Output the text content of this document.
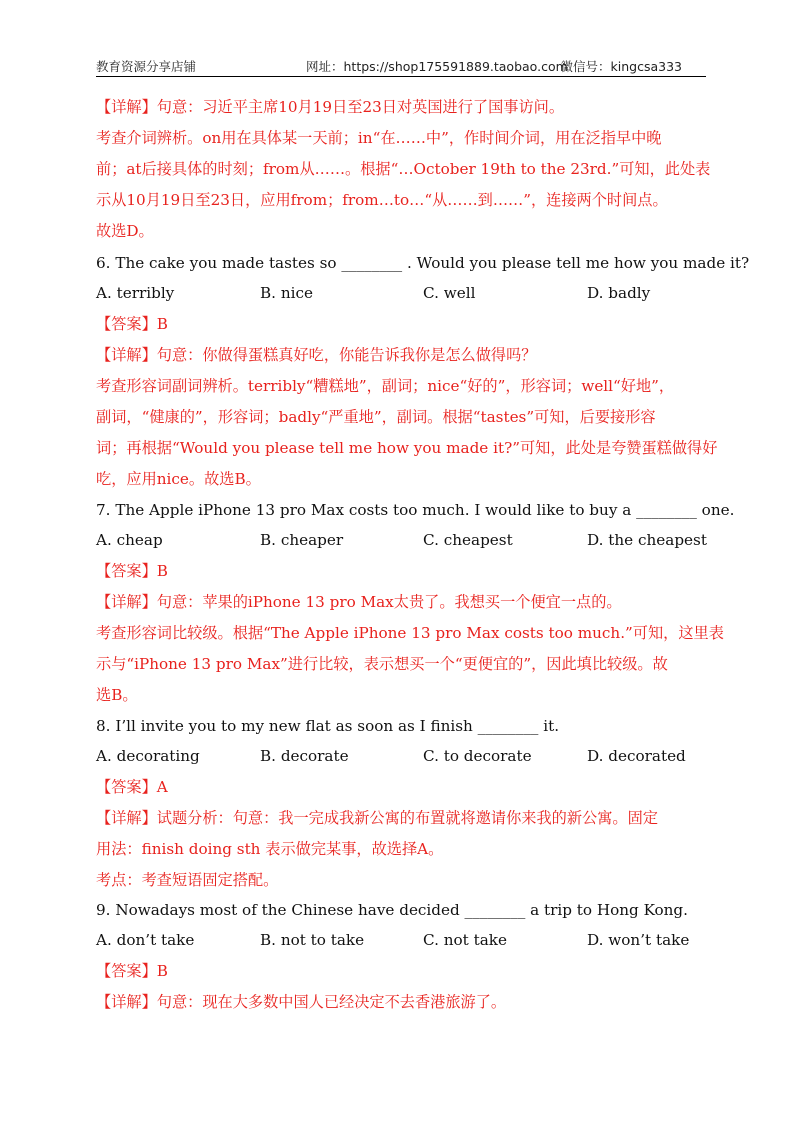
教育资源分享店铺	网址：https://shop175591889.taobao.com
微信号：kingcsa333
【详解】句意：习近平主席10月19日至23日对英国进行了国事访问。
考查介词辨析。on用在具体某一天前；in“在……中”，作时间介词，用在泛指早中晚
前；at后接具体的时刻；from从……。根据“…October 19th to the 23rd.”可知，此处表
示从10月19日至23日，应用from；from…to…“从……到……”，连接两个时间点。
故选D。
6. The cake you made tastes so ________ . Would you please tell me how you made it?
A. terribly	B. nice	C. well	D. badly
【答案】B
【详解】句意：你做得蛋糕真好吃，你能告诉我你是怎么做得吗？
考查形容词副词辨析。terribly“糟糕地”，副词；nice“好的”，形容词；well“好地”，
副词，“健康的”，形容词；badly“严重地”，副词。根据“tastes”可知，后要接形容
词；再根据“Would you please tell me how you made it?”可知，此处是夸赞蛋糕做得好
吃，应用nice。故选B。
7. The Apple iPhone 13 pro Max costs too much. I would like to buy a ________ one.
A. cheap	B. cheaper	C. cheapest	D. the cheapest
【答案】B
【详解】句意：苹果的iPhone 13 pro Max太贵了。我想买一个便宜一点的。
考查形容词比较级。根据“The Apple iPhone 13 pro Max costs too much.”可知，这里表
示与“iPhone 13 pro Max”进行比较，表示想买一个“更便宜的”，因此填比较级。故
选B。
8. I’ll invite you to my new flat as soon as I finish ________ it.
A. decorating	B. decorate	C. to decorate	D. decorated
【答案】A
【详解】试题分析：句意：我一完成我新公寓的布置就将邀请你来我的新公寓。固定
用法：finish doing sth 表示做完某事，故选择A。
考点：考查短语固定搭配。
9. Nowadays most of the Chinese have decided ________ a trip to Hong Kong.
A. don’t take	B. not to take	C. not take	D. won’t take
【答案】B
【详解】句意：现在大多数中国人已经决定不去香港旅游了。
